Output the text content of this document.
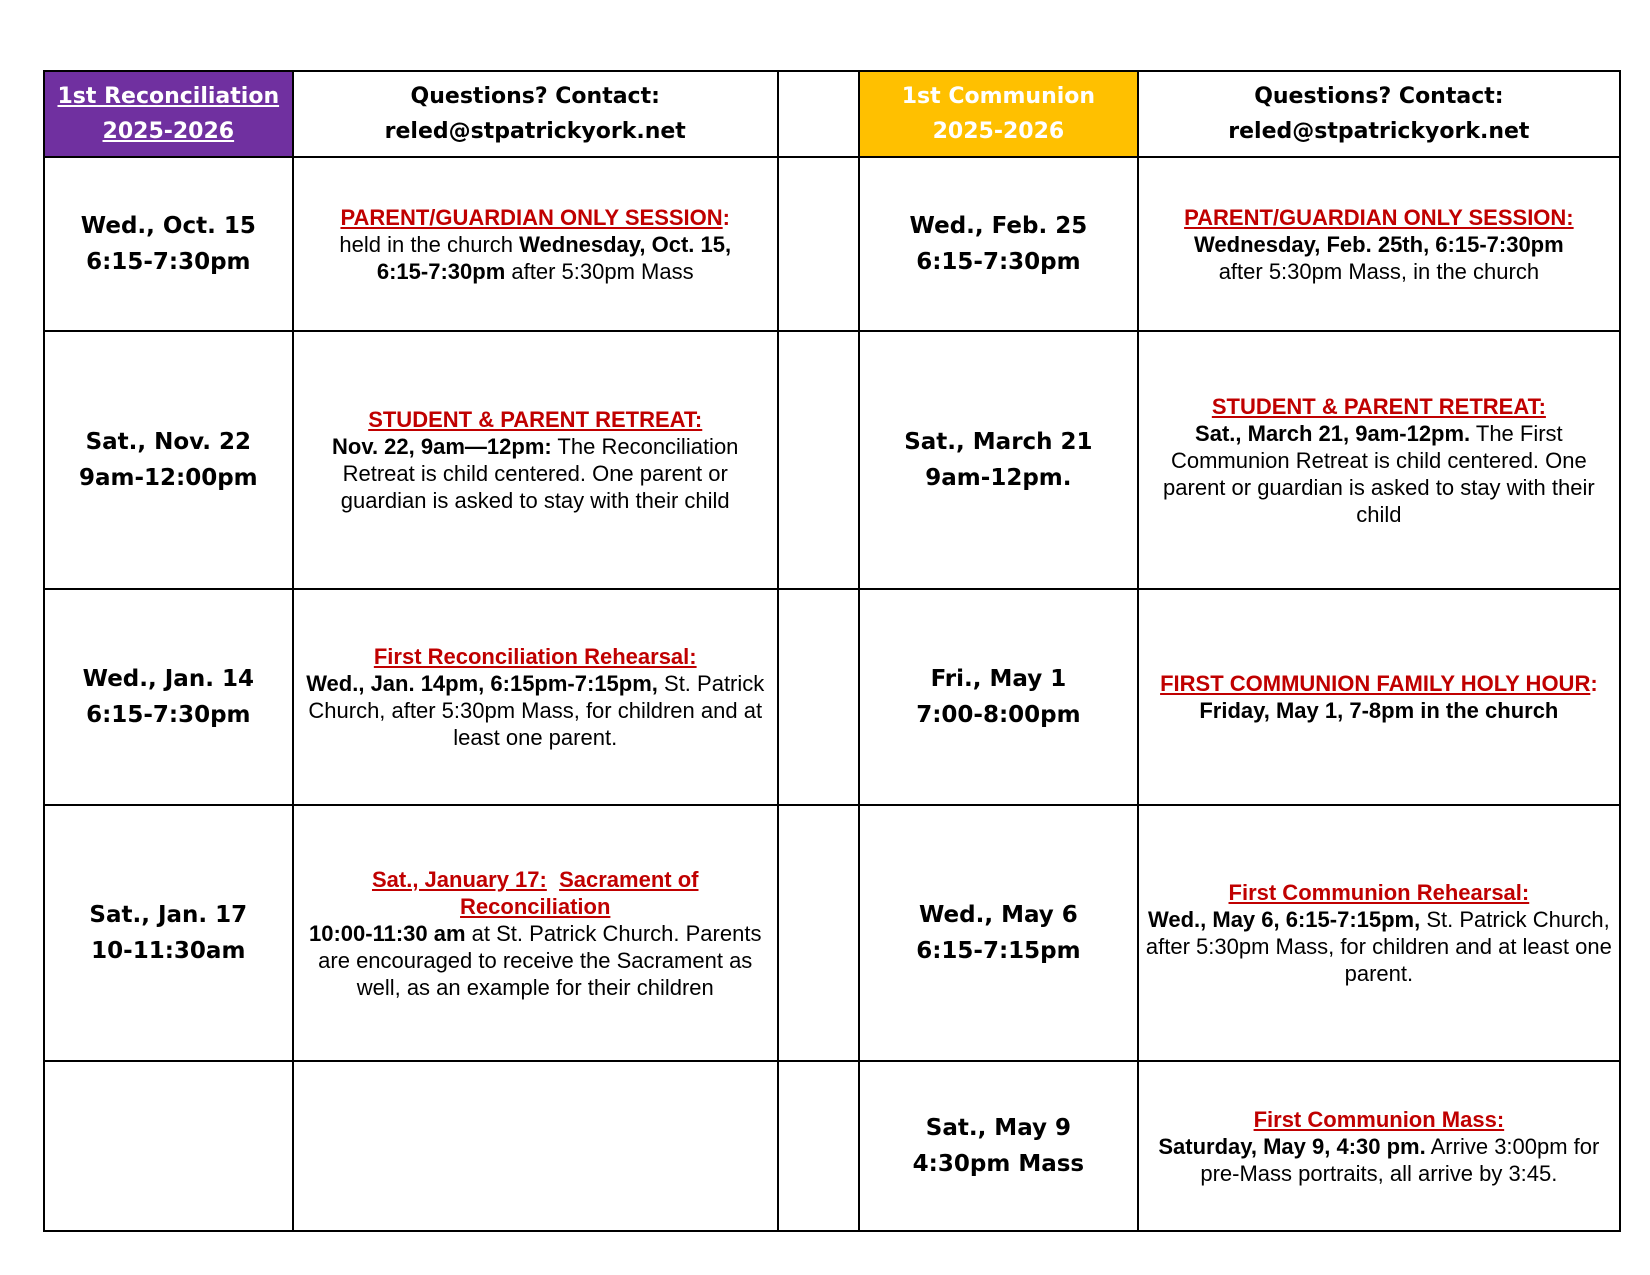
1st Reconciliation
2025-2026	Questions? Contact:
reled@stpatrickyork.net		1st Communion
2025-2026	Questions? Contact:
reled@stpatrickyork.net

Wed., Oct. 15
6:15-7:30pm	PARENT/GUARDIAN ONLY SESSION:
held in the church Wednesday, Oct. 15,
6:15-7:30pm after 5:30pm Mass		Wed., Feb. 25
6:15-7:30pm	PARENT/GUARDIAN ONLY SESSION:
Wednesday, Feb. 25th, 6:15-7:30pm
after 5:30pm Mass, in the church

Sat., Nov. 22
9am-12:00pm	STUDENT & PARENT RETREAT:
Nov. 22, 9am—12pm: The Reconciliation Retreat is child centered. One parent or guardian is asked to stay with their child		Sat., March 21
9am-12pm.	STUDENT & PARENT RETREAT:
Sat., March 21, 9am-12pm. The First Communion Retreat is child centered. One parent or guardian is asked to stay with their child

Wed., Jan. 14
6:15-7:30pm	First Reconciliation Rehearsal:
Wed., Jan. 14pm, 6:15pm-7:15pm, St. Patrick Church, after 5:30pm Mass, for children and at least one parent.		Fri., May 1
7:00-8:00pm	FIRST COMMUNION FAMILY HOLY HOUR:
Friday, May 1, 7-8pm in the church

Sat., Jan. 17
10-11:30am	Sat., January 17: Sacrament of Reconciliation
10:00-11:30 am at St. Patrick Church. Parents are encouraged to receive the Sacrament as well, as an example for their children		Wed., May 6
6:15-7:15pm	First Communion Rehearsal:
Wed., May 6, 6:15-7:15pm, St. Patrick Church, after 5:30pm Mass, for children and at least one parent.

			Sat., May 9
4:30pm Mass	First Communion Mass:
Saturday, May 9, 4:30 pm. Arrive 3:00pm for pre-Mass portraits, all arrive by 3:45.
